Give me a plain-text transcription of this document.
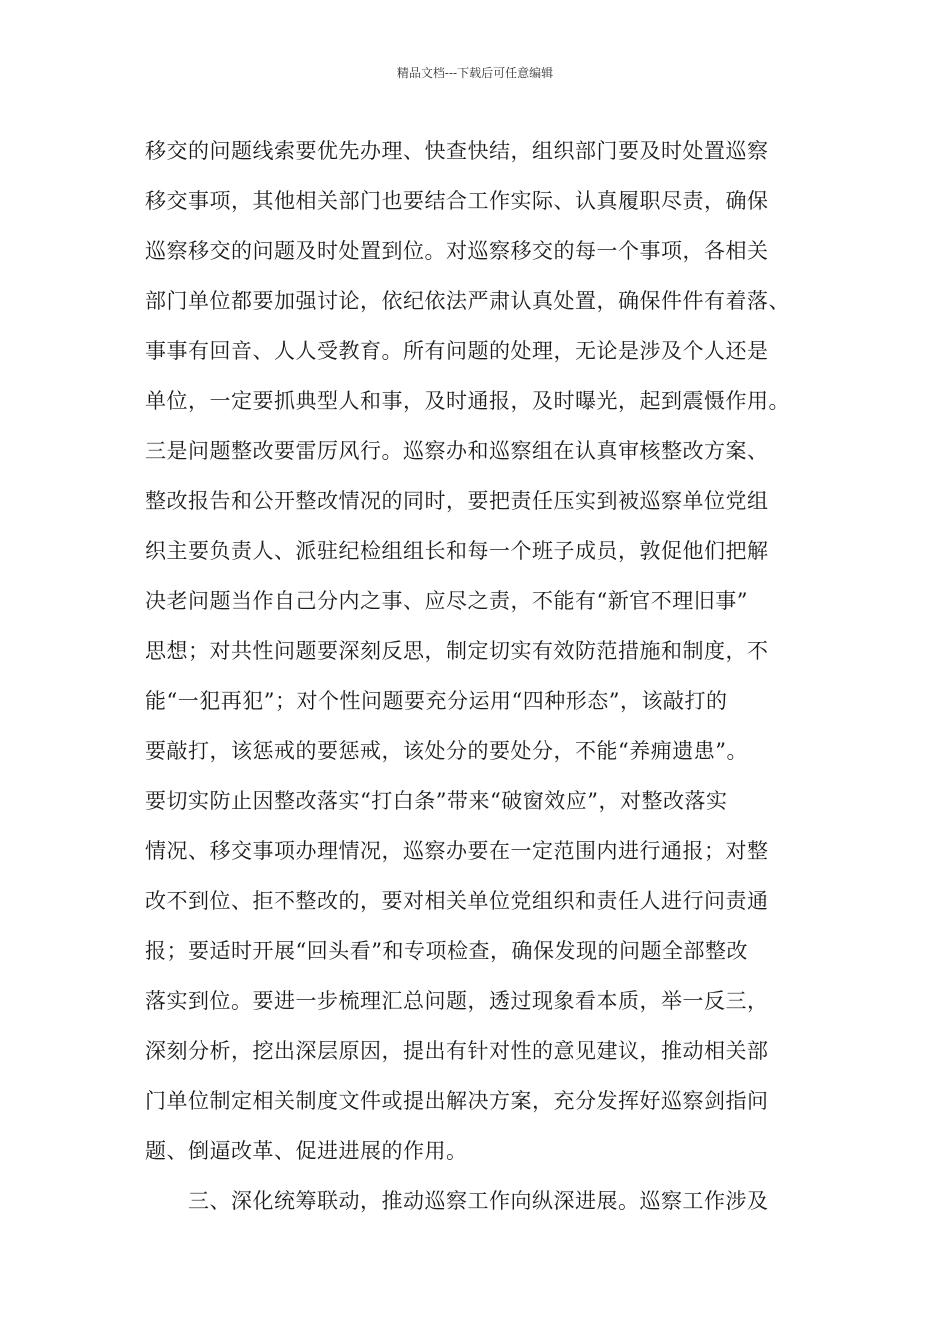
精品文档---下载后可任意编辑
移交的问题线索要优先办理、快查快结，组织部门要及时处置巡察
移交事项，其他相关部门也要结合工作实际、认真履职尽责，确保
巡察移交的问题及时处置到位。对巡察移交的每一个事项，各相关
部门单位都要加强讨论，依纪依法严肃认真处置，确保件件有着落、
事事有回音、人人受教育。所有问题的处理，无论是涉及个人还是
单位，一定要抓典型人和事，及时通报，及时曝光，起到震慑作用。
三是问题整改要雷厉风行。巡察办和巡察组在认真审核整改方案、
整改报告和公开整改情况的同时，要把责任压实到被巡察单位党组
织主要负责人、派驻纪检组组长和每一个班子成员，敦促他们把解
决老问题当作自己分内之事、应尽之责，不能有“新官不理旧事”
思想；对共性问题要深刻反思，制定切实有效防范措施和制度，不
能“一犯再犯”；对个性问题要充分运用“四种形态”，该敲打的
要敲打，该惩戒的要惩戒，该处分的要处分，不能“养痈遗患”。
要切实防止因整改落实“打白条”带来“破窗效应”，对整改落实
情况、移交事项办理情况，巡察办要在一定范围内进行通报；对整
改不到位、拒不整改的，要对相关单位党组织和责任人进行问责通
报；要适时开展“回头看”和专项检查，确保发现的问题全部整改
落实到位。要进一步梳理汇总问题，透过现象看本质，举一反三，
深刻分析，挖出深层原因，提出有针对性的意见建议，推动相关部
门单位制定相关制度文件或提出解决方案，充分发挥好巡察剑指问
题、倒逼改革、促进进展的作用。
三、深化统筹联动，推动巡察工作向纵深进展。巡察工作涉及
